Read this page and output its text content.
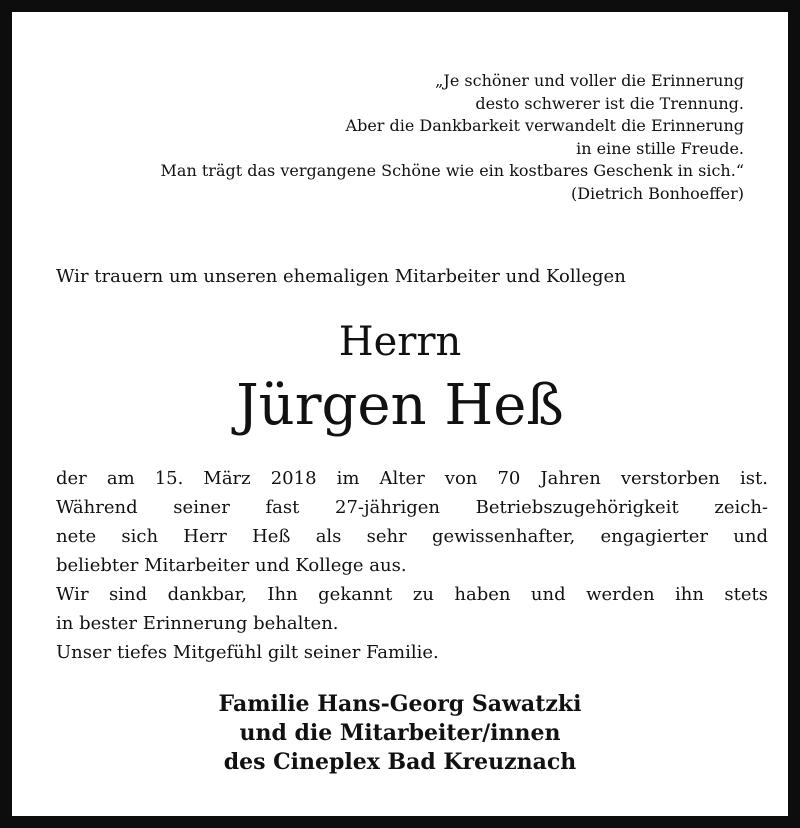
„Je schöner und voller die Erinnerung
desto schwerer ist die Trennung.
Aber die Dankbarkeit verwandelt die Erinnerung
in eine stille Freude.
Man trägt das vergangene Schöne wie ein kostbares Geschenk in sich.“
(Dietrich Bonhoeffer)
Wir trauern um unseren ehemaligen Mitarbeiter und Kollegen
Herrn
Jürgen Heß
der am 15. März 2018 im Alter von 70 Jahren verstorben ist.
Während seiner fast 27-jährigen Betriebszugehörigkeit zeich-
nete sich Herr Heß als sehr gewissenhafter, engagierter und
beliebter Mitarbeiter und Kollege aus.
Wir sind dankbar, Ihn gekannt zu haben und werden ihn stets
in bester Erinnerung behalten.
Unser tiefes Mitgefühl gilt seiner Familie.
Familie Hans-Georg Sawatzki
und die Mitarbeiter/innen
des Cineplex Bad Kreuznach
